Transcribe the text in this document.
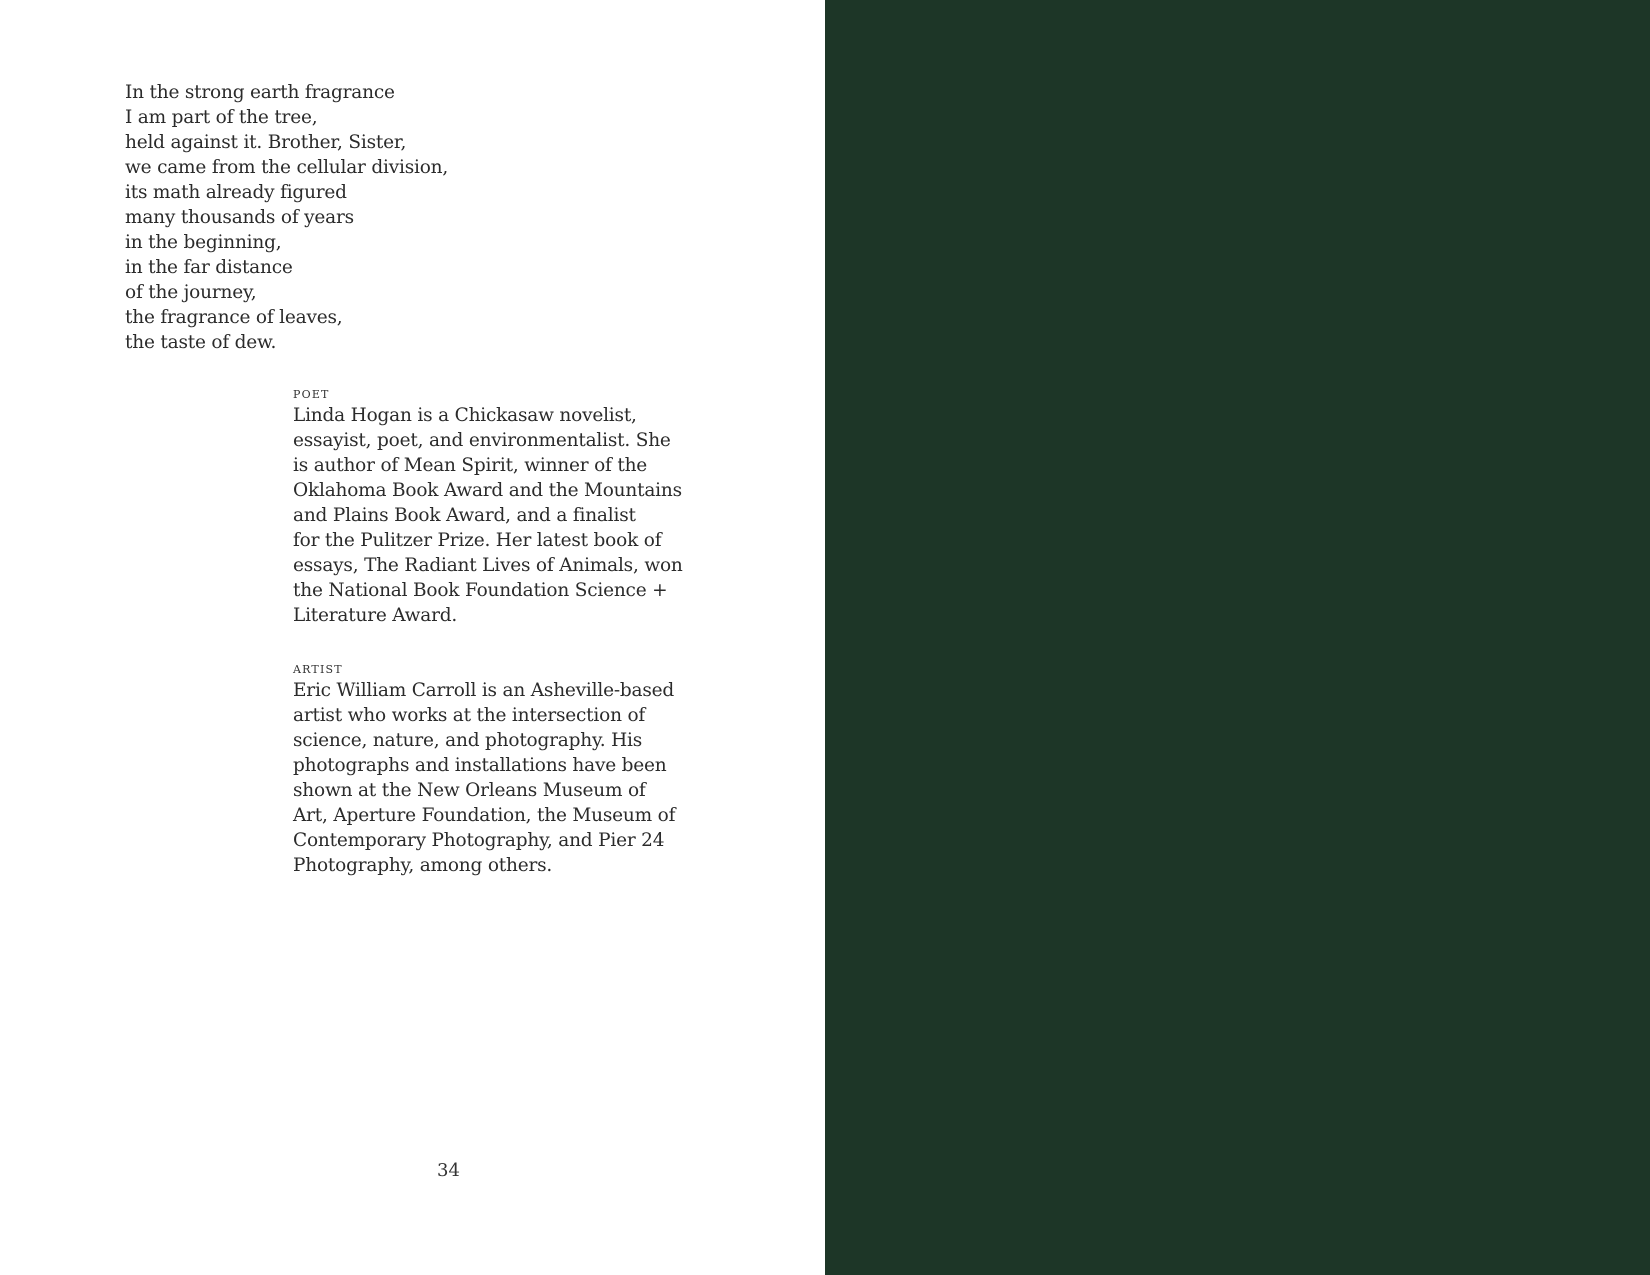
In the strong earth fragrance
I am part of the tree,
held against it. Brother, Sister,
we came from the cellular division,
its math already figured
many thousands of years
in the beginning,
in the far distance
of the journey,
the fragrance of leaves,
the taste of dew.
poet
Linda Hogan is a Chickasaw novelist,
essayist, poet, and environmentalist. She
is author of Mean Spirit, winner of the
Oklahoma Book Award and the Mountains
and Plains Book Award, and a finalist
for the Pulitzer Prize. Her latest book of
essays, The Radiant Lives of Animals, won
the National Book Foundation Science +
Literature Award.
artist
Eric William Carroll is an Asheville-based
artist who works at the intersection of
science, nature, and photography. His
photographs and installations have been
shown at the New Orleans Museum of
Art, Aperture Foundation, the Museum of
Contemporary Photography, and Pier 24
Photography, among others.
34
